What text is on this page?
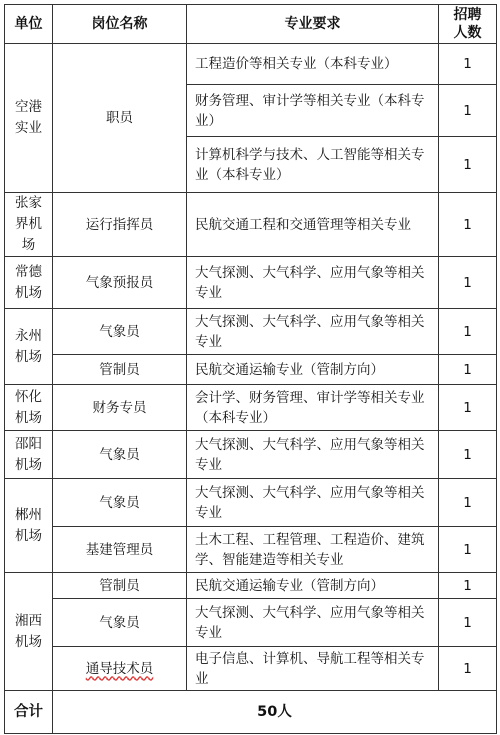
单位	岗位名称	专业要求	招聘人数
空港实业	职员	工程造价等相关专业（本科专业）	1
		财务管理、审计学等相关专业（本科专业）	1
		计算机科学与技术、人工智能等相关专业（本科专业）	1
张家界机场	运行指挥员	民航交通工程和交通管理等相关专业	1
常德机场	气象预报员	大气探测、大气科学、应用气象等相关专业	1
永州机场	气象员	大气探测、大气科学、应用气象等相关专业	1
	管制员	民航交通运输专业（管制方向）	1
怀化机场	财务专员	会计学、财务管理、审计学等相关专业（本科专业）	1
邵阳机场	气象员	大气探测、大气科学、应用气象等相关专业	1
郴州机场	气象员	大气探测、大气科学、应用气象等相关专业	1
	基建管理员	土木工程、工程管理、工程造价、建筑学、智能建造等相关专业	1
湘西机场	管制员	民航交通运输专业（管制方向）	1
	气象员	大气探测、大气科学、应用气象等相关专业	1
	通导技术员	电子信息、计算机、导航工程等相关专业	1
合计	50人		
